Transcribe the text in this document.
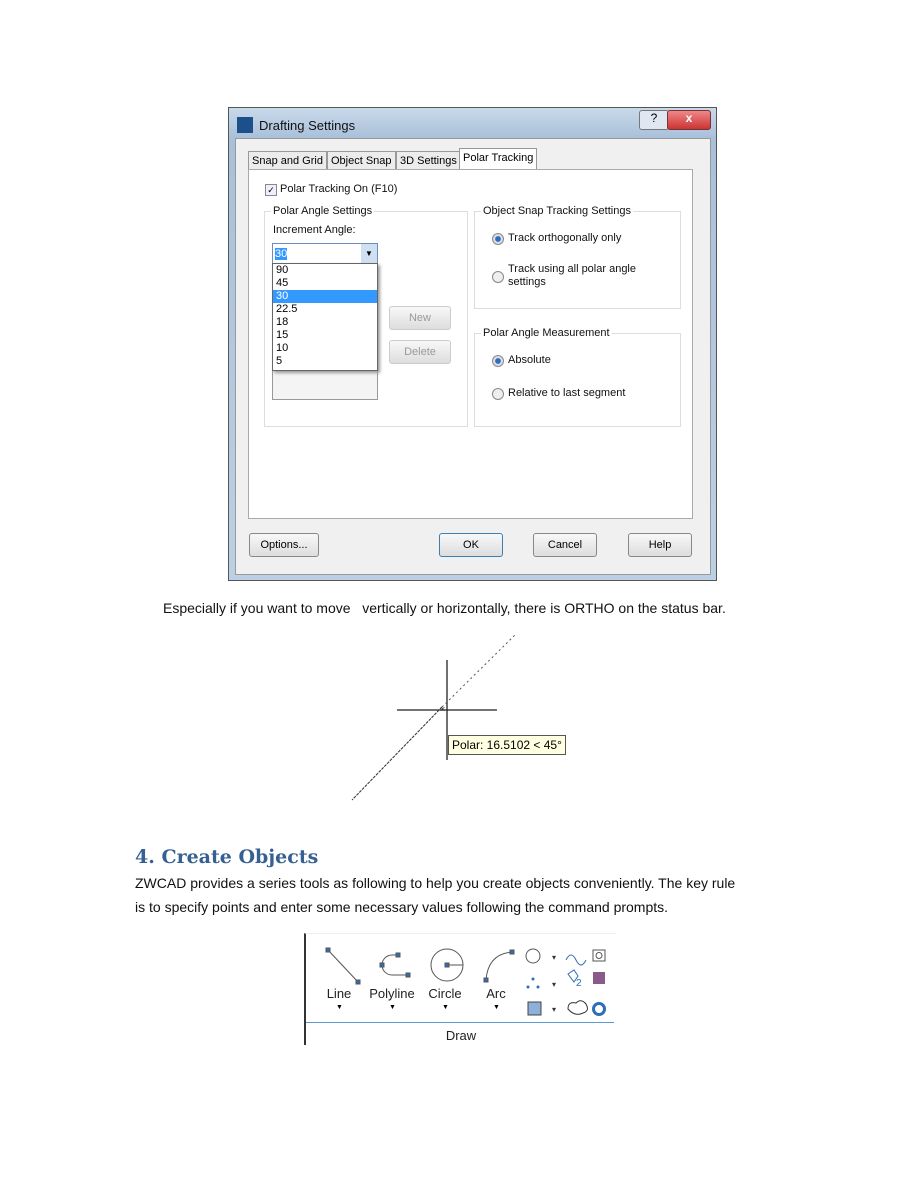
Drafting Settings	?	x
Snap and Grid Object Snap 3D Settings Polar Tracking
✓ Polar Tracking On (F10)
Polar Angle Settings
Increment Angle:
30	▼
90
45
30
22.5
18
15
10
5
New
Delete
Object Snap Tracking Settings
Track orthogonally only
Track using all polar angle settings
Polar Angle Measurement
Absolute
Relative to last segment
Options...	OK	Cancel	Help
Especially if you want to move   vertically or horizontally, there is ORTHO on the status bar.
×
Polar: 16.5102 < 45°
4. Create Objects
ZWCAD provides a series tools as following to help you create objects conveniently. The key rule
is to specify points and enter some necessary values following the command prompts.
▾
▾ 2
▾
Line	Polyline	Circle	Arc
▼	▼	▼	▼
Draw
